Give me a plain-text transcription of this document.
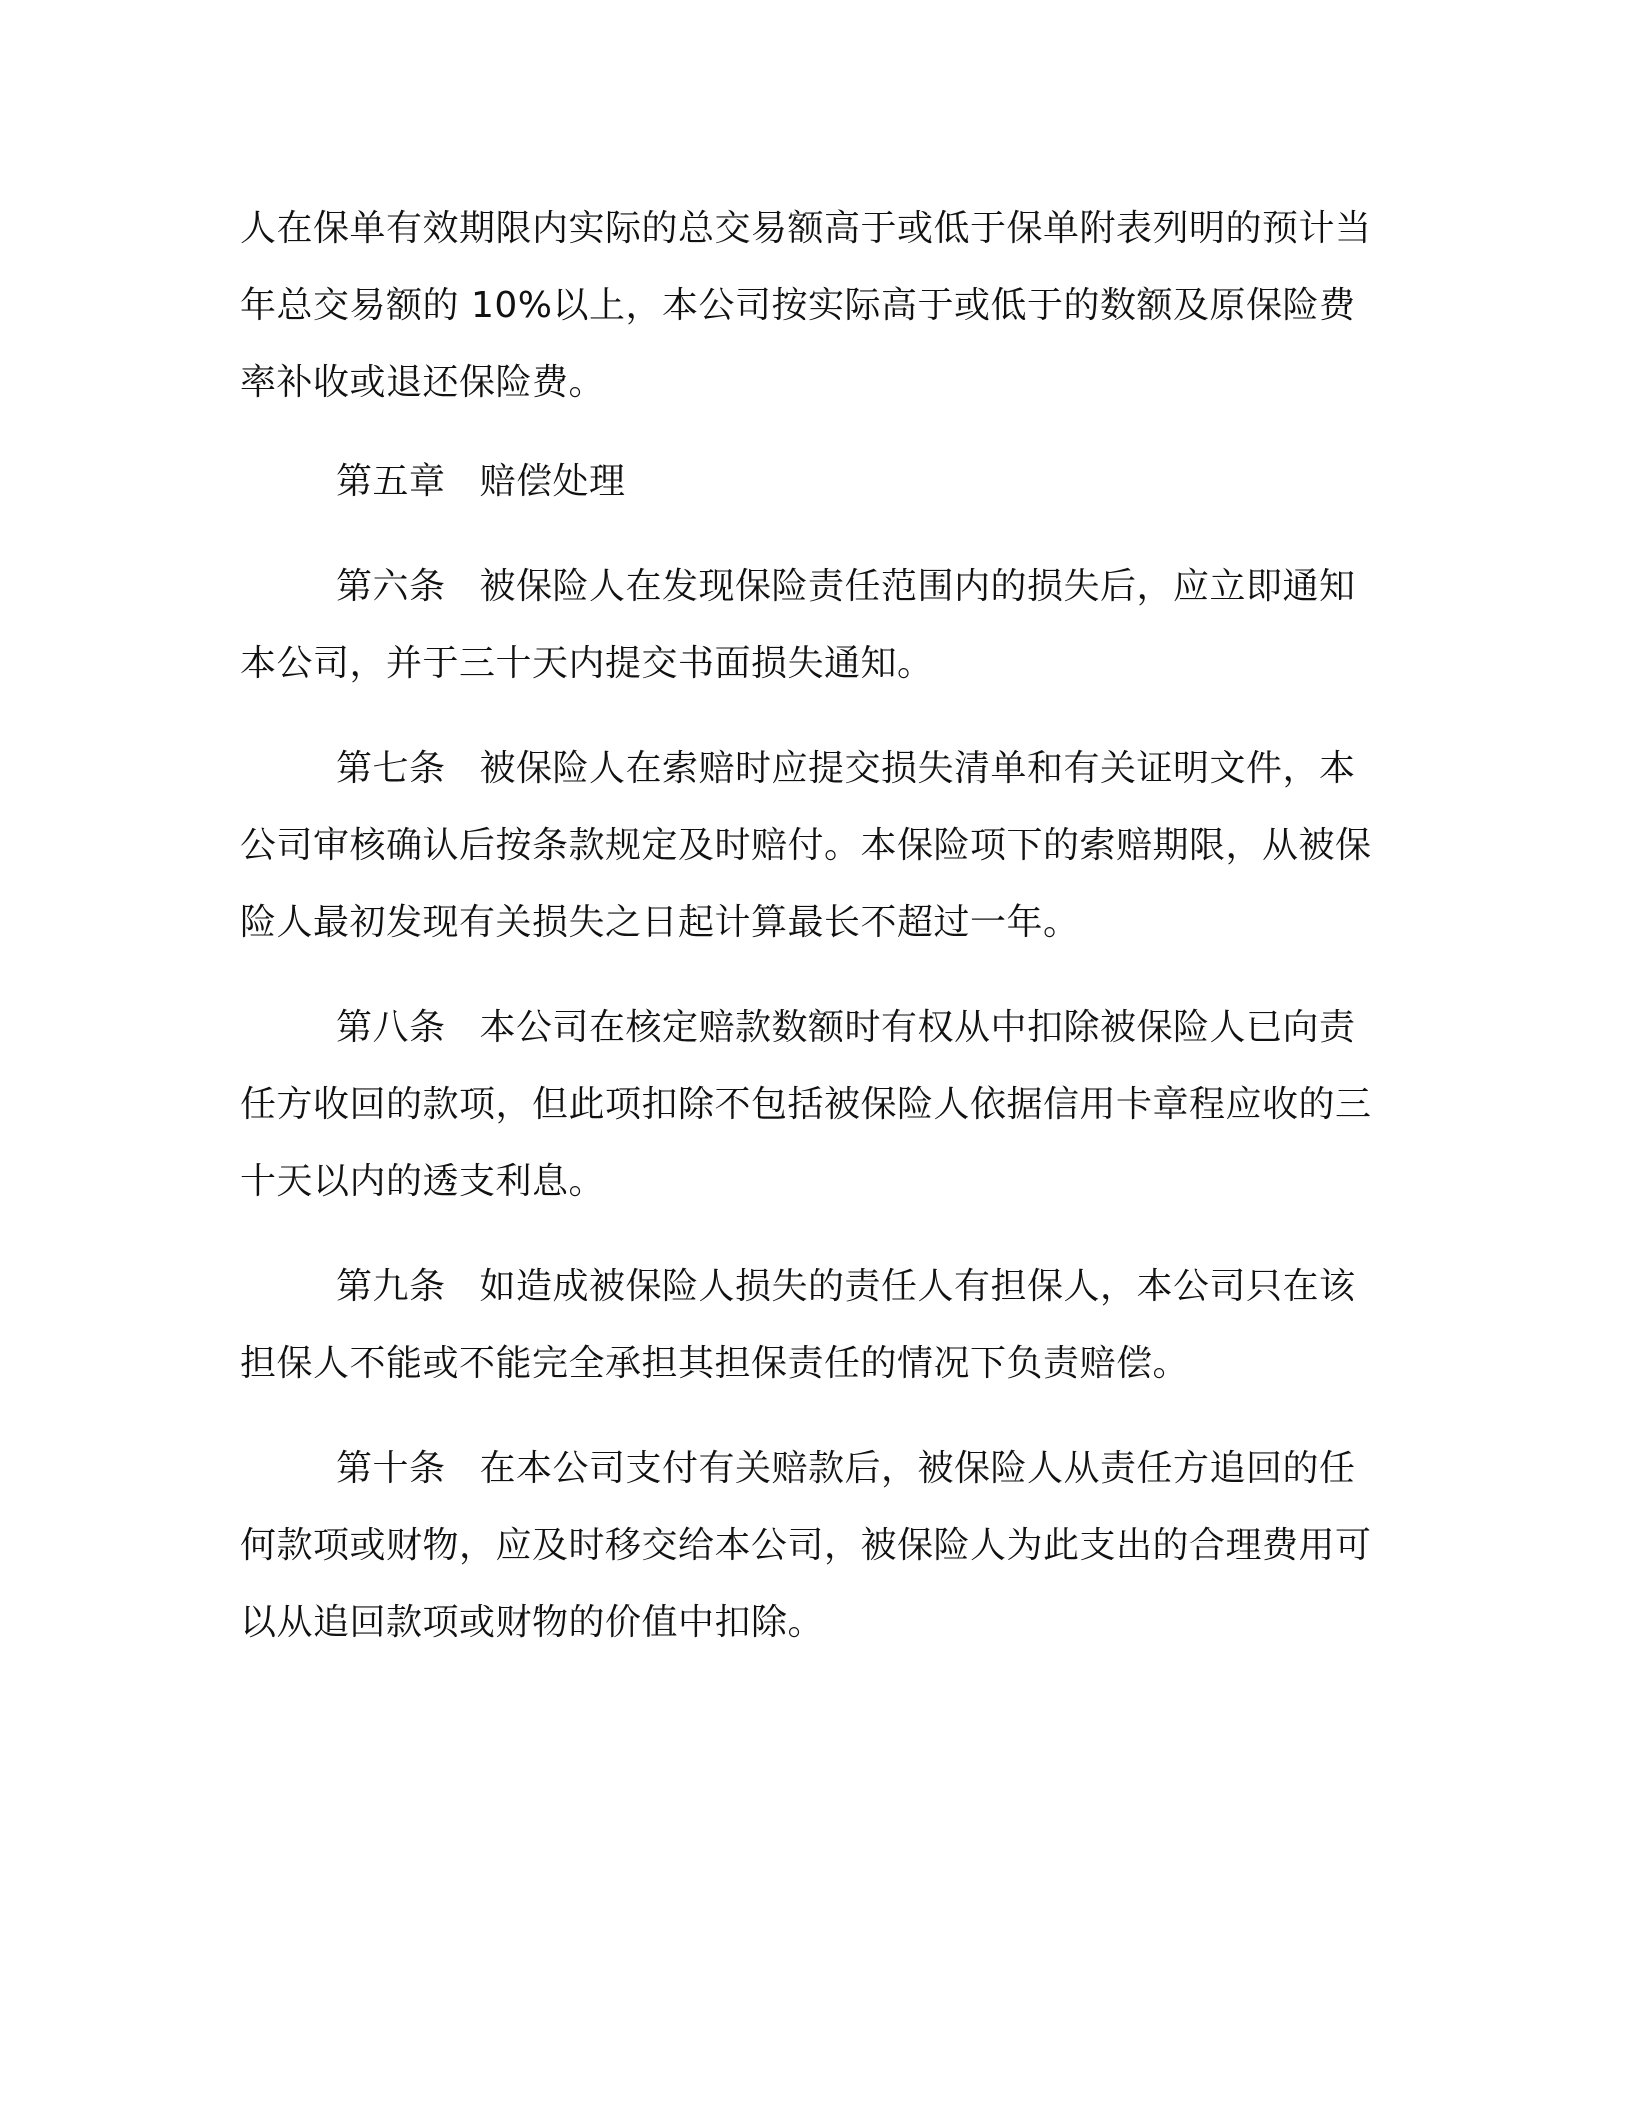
人在保单有效期限内实际的总交易额高于或低于保单附表列明的预计当年总交易额的 10%以上，本公司按实际高于或低于的数额及原保险费率补收或退还保险费。

第五章 赔偿处理

第六条 被保险人在发现保险责任范围内的损失后，应立即通知本公司，并于三十天内提交书面损失通知。

第七条 被保险人在索赔时应提交损失清单和有关证明文件，本公司审核确认后按条款规定及时赔付。本保险项下的索赔期限，从被保险人最初发现有关损失之日起计算最长不超过一年。

第八条 本公司在核定赔款数额时有权从中扣除被保险人已向责任方收回的款项，但此项扣除不包括被保险人依据信用卡章程应收的三十天以内的透支利息。

第九条 如造成被保险人损失的责任人有担保人，本公司只在该担保人不能或不能完全承担其担保责任的情况下负责赔偿。

第十条 在本公司支付有关赔款后，被保险人从责任方追回的任何款项或财物，应及时移交给本公司，被保险人为此支出的合理费用可以从追回款项或财物的价值中扣除。
